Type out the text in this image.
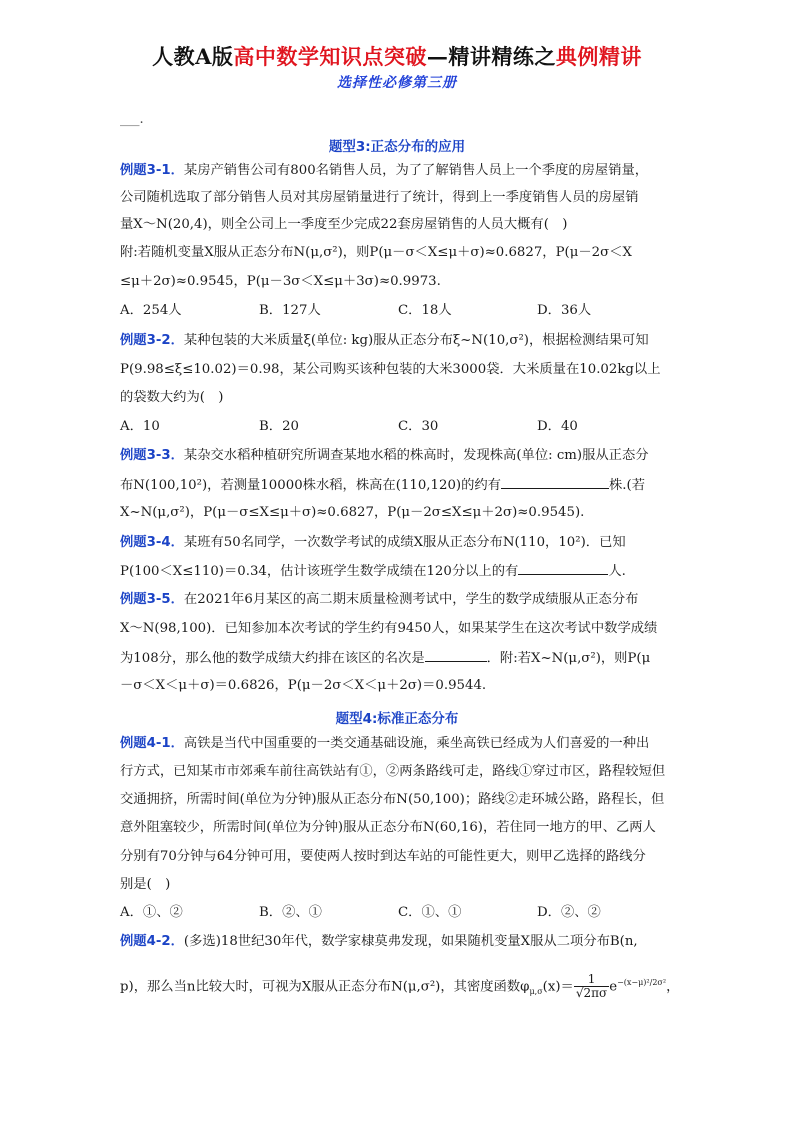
人教A版高中数学知识点突破—精讲精练之典例精讲
选择性必修第三册
___.
题型3:正态分布的应用
例题3-1．某房产销售公司有800名销售人员，为了了解销售人员上一个季度的房屋销量，
公司随机选取了部分销售人员对其房屋销量进行了统计，得到上一季度销售人员的房屋销
量X～N(20,4)，则全公司上一季度至少完成22套房屋销售的人员大概有(　)
附:若随机变量X服从正态分布N(μ,σ²)，则P(μ－σ＜X≤μ＋σ)≈0.6827，P(μ－2σ＜X
≤μ＋2σ)≈0.9545，P(μ－3σ＜X≤μ＋3σ)≈0.9973.
A．254人	B．127人	C．18人	D．36人
例题3-2．某种包装的大米质量ξ(单位: kg)服从正态分布ξ~N(10,σ²)，根据检测结果可知
P(9.98≤ξ≤10.02)＝0.98，某公司购买该种包装的大米3000袋．大米质量在10.02kg以上
的袋数大约为(　)
A．10	B．20	C．30	D．40
例题3-3．某杂交水稻种植研究所调查某地水稻的株高时，发现株高(单位: cm)服从正态分
布N(100,10²)，若测量10000株水稻，株高在(110,120)的约有	株.(若
X~N(μ,σ²)，P(μ－σ≤X≤μ＋σ)≈0.6827，P(μ－2σ≤X≤μ＋2σ)≈0.9545).
例题3-4．某班有50名同学，一次数学考试的成绩X服从正态分布N(110，10²)．已知
P(100＜X≤110)＝0.34，估计该班学生数学成绩在120分以上的有	人.
例题3-5．在2021年6月某区的高二期末质量检测考试中，学生的数学成绩服从正态分布
X～N(98,100)．已知参加本次考试的学生约有9450人，如果某学生在这次考试中数学成绩
为108分，那么他的数学成绩大约排在该区的名次是	．附:若X~N(μ,σ²)，则P(μ
－σ＜X＜μ＋σ)＝0.6826，P(μ－2σ＜X＜μ＋2σ)＝0.9544.
题型4:标准正态分布
例题4-1．高铁是当代中国重要的一类交通基础设施，乘坐高铁已经成为人们喜爱的一种出
行方式，已知某市市郊乘车前往高铁站有①，②两条路线可走，路线①穿过市区，路程较短但
交通拥挤，所需时间(单位为分钟)服从正态分布N(50,100)；路线②走环城公路，路程长，但
意外阻塞较少，所需时间(单位为分钟)服从正态分布N(60,16)，若住同一地方的甲、乙两人
分别有70分钟与64分钟可用，要使两人按时到达车站的可能性更大，则甲乙选择的路线分
别是(　)
A．①、②	B．②、①	C．①、①	D．②、②
例题4-2．(多选)18世纪30年代，数学家棣莫弗发现，如果随机变量X服从二项分布B(n,
p)，那么当n比较大时，可视为X服从正态分布N(μ,σ²)，其密度函数$\varphi_{\mu,\sigma}(x)= \frac{1}{√2\pi\sigma} e^{-(x-\mu)^2/2\sigma^2}$，
